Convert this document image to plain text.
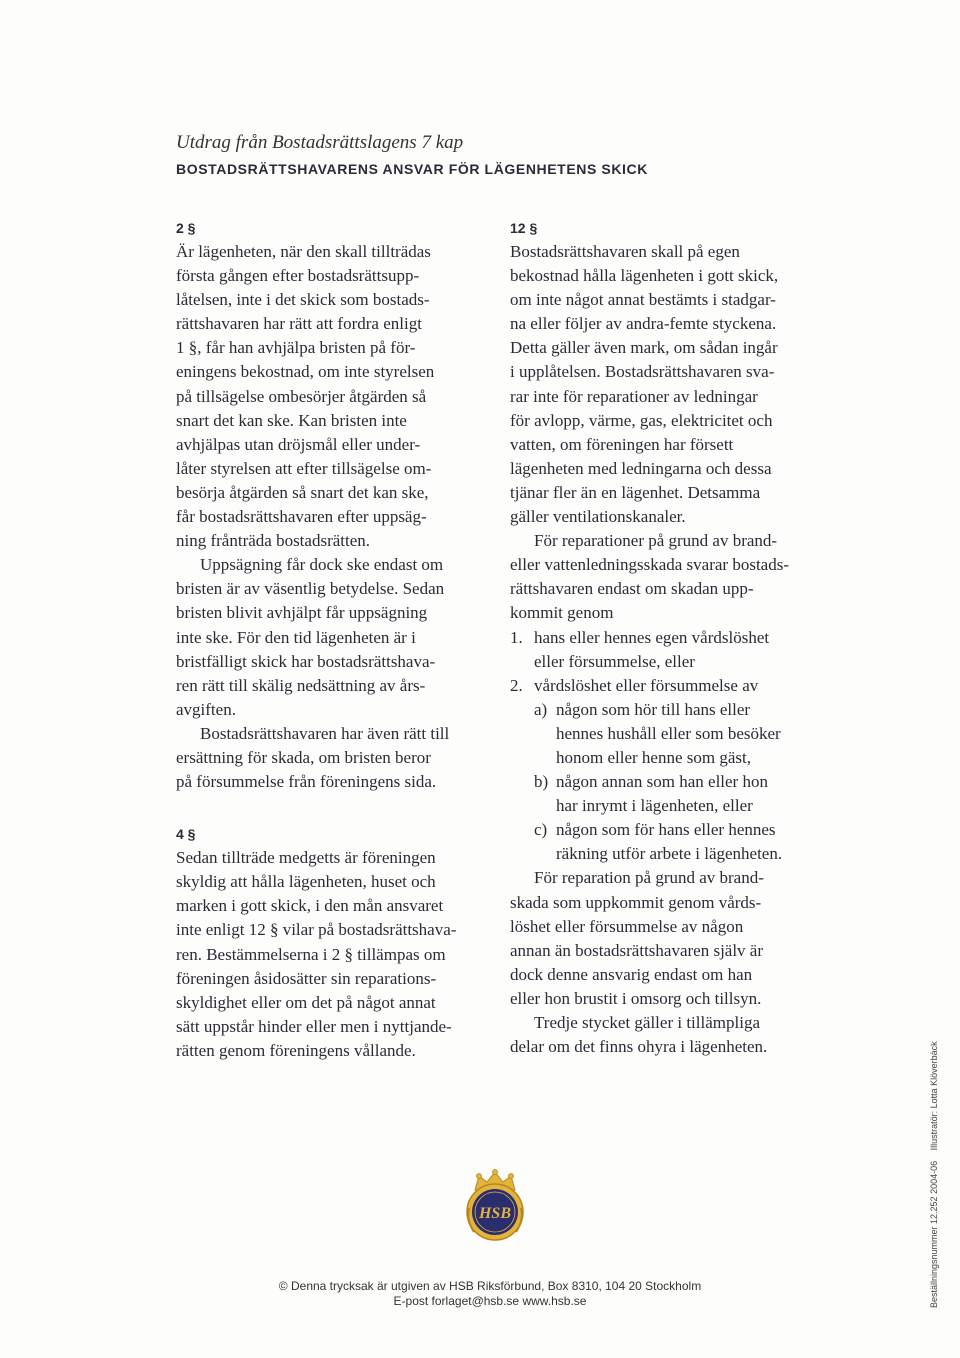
Utdrag från Bostadsrättslagens 7 kap
BOSTADSRÄTTSHAVARENS ANSVAR FÖR LÄGENHETENS SKICK
2 §

Är lägenheten, när den skall tillträdas
första gången efter bostadsrättsupp-
låtelsen, inte i det skick som bostads-
rättshavaren har rätt att fordra enligt
1 §, får han avhjälpa bristen på för-
eningens bekostnad, om inte styrelsen
på tillsägelse ombesörjer åtgärden så
snart det kan ske. Kan bristen inte
avhjälpas utan dröjsmål eller under-
låter styrelsen att efter tillsägelse om-
besörja åtgärden så snart det kan ske,
får bostadsrättshavaren efter uppsäg-
ning frånträda bostadsrätten.

Uppsägning får dock ske endast om
bristen är av väsentlig betydelse. Sedan
bristen blivit avhjälpt får uppsägning
inte ske. För den tid lägenheten är i
bristfälligt skick har bostadsrättshava-
ren rätt till skälig nedsättning av års-
avgiften.

Bostadsrättshavaren har även rätt till
ersättning för skada, om bristen beror
på försummelse från föreningens sida.

4 §

Sedan tillträde medgetts är föreningen
skyldig att hålla lägenheten, huset och
marken i gott skick, i den mån ansvaret
inte enligt 12 § vilar på bostadsrättshava-
ren. Bestämmelserna i 2 § tillämpas om
föreningen åsidosätter sin reparations-
skyldighet eller om det på något annat
sätt uppstår hinder eller men i nyttjande-
rätten genom föreningens vållande.

12 §

Bostadsrättshavaren skall på egen
bekostnad hålla lägenheten i gott skick,
om inte något annat bestämts i stadgar-
na eller följer av andra-femte styckena.
Detta gäller även mark, om sådan ingår
i upplåtelsen. Bostadsrättshavaren sva-
rar inte för reparationer av ledningar
för avlopp, värme, gas, elektricitet och
vatten, om föreningen har försett
lägenheten med ledningarna och dessa
tjänar fler än en lägenhet. Detsamma
gäller ventilationskanaler.

För reparationer på grund av brand-
eller vattenledningsskada svarar bostads-
rättshavaren endast om skadan upp-
kommit genom

1. hans eller hennes egen vårdslöshet
eller försummelse, eller
2. vårdslöshet eller försummelse av
a) någon som hör till hans eller
hennes hushåll eller som besöker
honom eller henne som gäst,
b) någon annan som han eller hon
har inrymt i lägenheten, eller
c) någon som för hans eller hennes
räkning utför arbete i lägenheten.

För reparation på grund av brand-
skada som uppkommit genom vårds-
löshet eller försummelse av någon
annan än bostadsrättshavaren själv är
dock denne ansvarig endast om han
eller hon brustit i omsorg och tillsyn.

Tredje stycket gäller i tillämpliga
delar om det finns ohyra i lägenheten.

HSB
© Denna trycksak är utgiven av HSB Riksförbund, Box 8310, 104 20 Stockholm
E-post forlaget@hsb.se www.hsb.se	Beställningsnummer 12.252 2004-06 Illustratör: Lotta Klöverbäck
